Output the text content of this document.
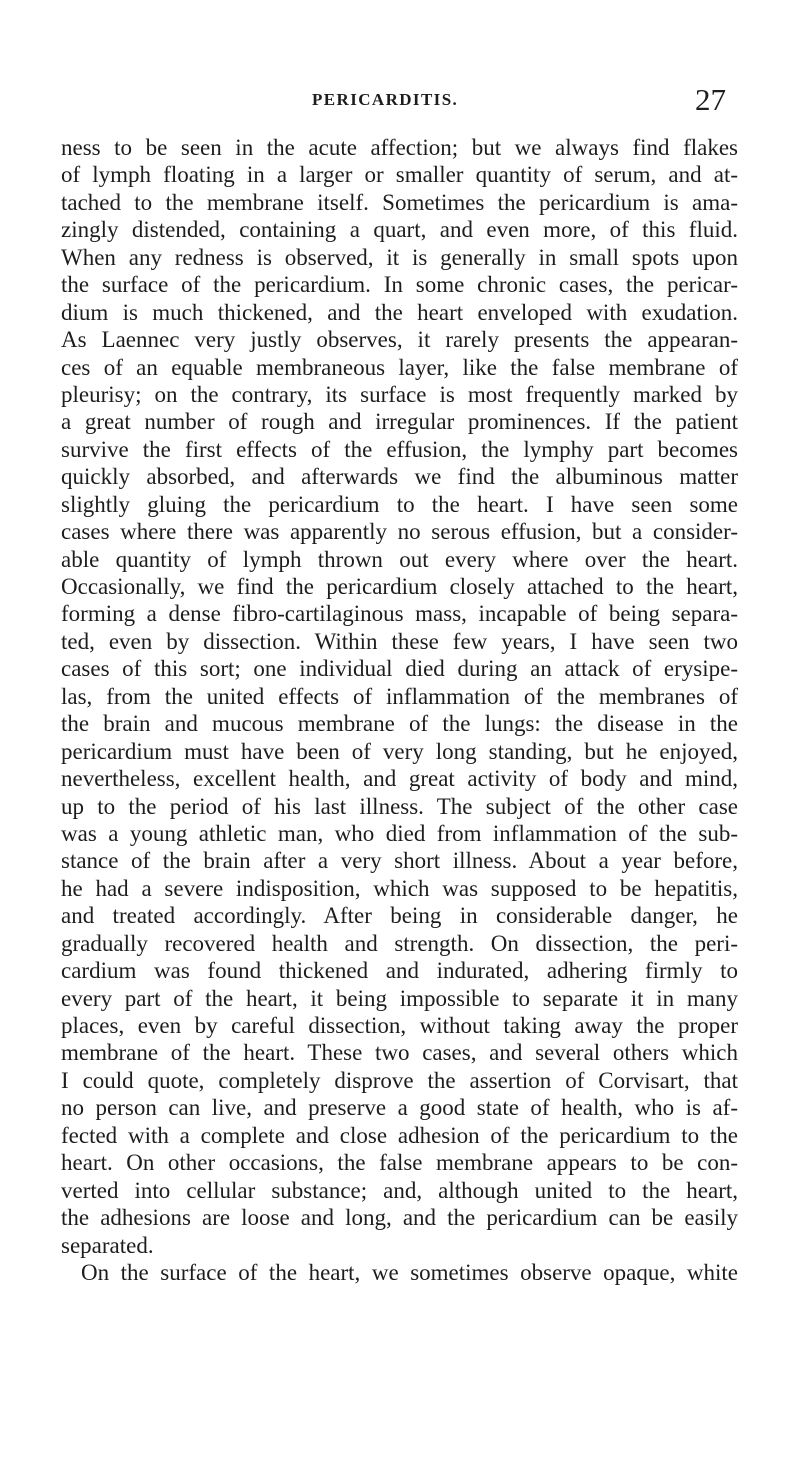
PERICARDITIS.	27
ness to be seen in the acute affection; but we always find flakes
of lymph floating in a larger or smaller quantity of serum, and at-
tached to the membrane itself. Sometimes the pericardium is ama-
zingly distended, containing a quart, and even more, of this fluid.
When any redness is observed, it is generally in small spots upon
the surface of the pericardium. In some chronic cases, the pericar-
dium is much thickened, and the heart enveloped with exudation.
As Laennec very justly observes, it rarely presents the appearan-
ces of an equable membraneous layer, like the false membrane of
pleurisy; on the contrary, its surface is most frequently marked by
a great number of rough and irregular prominences. If the patient
survive the first effects of the effusion, the lymphy part becomes
quickly absorbed, and afterwards we find the albuminous matter
slightly gluing the pericardium to the heart. I have seen some
cases where there was apparently no serous effusion, but a consider-
able quantity of lymph thrown out every where over the heart.
Occasionally, we find the pericardium closely attached to the heart,
forming a dense fibro-cartilaginous mass, incapable of being separa-
ted, even by dissection. Within these few years, I have seen two
cases of this sort; one individual died during an attack of erysipe-
las, from the united effects of inflammation of the membranes of
the brain and mucous membrane of the lungs: the disease in the
pericardium must have been of very long standing, but he enjoyed,
nevertheless, excellent health, and great activity of body and mind,
up to the period of his last illness. The subject of the other case
was a young athletic man, who died from inflammation of the sub-
stance of the brain after a very short illness. About a year before,
he had a severe indisposition, which was supposed to be hepatitis,
and treated accordingly. After being in considerable danger, he
gradually recovered health and strength. On dissection, the peri-
cardium was found thickened and indurated, adhering firmly to
every part of the heart, it being impossible to separate it in many
places, even by careful dissection, without taking away the proper
membrane of the heart. These two cases, and several others which
I could quote, completely disprove the assertion of Corvisart, that
no person can live, and preserve a good state of health, who is af-
fected with a complete and close adhesion of the pericardium to the
heart. On other occasions, the false membrane appears to be con-
verted into cellular substance; and, although united to the heart,
the adhesions are loose and long, and the pericardium can be easily
separated.
On the surface of the heart, we sometimes observe opaque, white
